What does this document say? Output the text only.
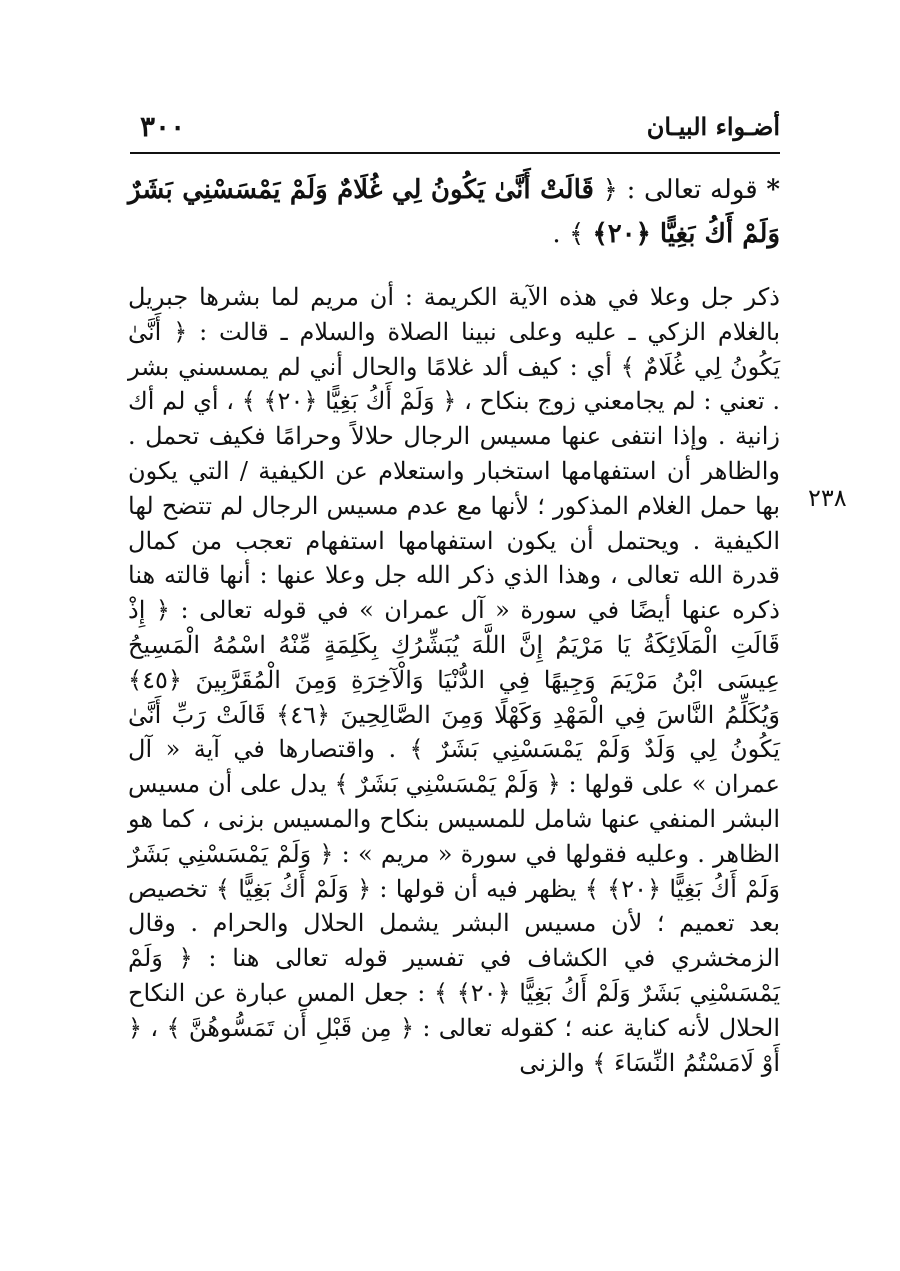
٣٠٠	أضـواء البيـان
٢٣٨

* قوله تعالى : ﴿ قَالَتْ أَنَّىٰ يَكُونُ لِي غُلَامٌ وَلَمْ يَمْسَسْنِي بَشَرٌ وَلَمْ أَكُ بَغِيًّا ﴿٢٠﴾ ﴾ .

ذكر جل وعلا في هذه الآية الكريمة : أن مريم لما بشرها جبريل بالغلام الزكي ـ عليه وعلى نبينا الصلاة والسلام ـ قالت : ﴿ أَنَّىٰ يَكُونُ لِي غُلَامٌ ﴾ أي : كيف ألد غلامًا والحال أني لم يمسسني بشر . تعني : لم يجامعني زوج بنكاح ، ﴿ وَلَمْ أَكُ بَغِيًّا ﴿٢٠﴾ ﴾ ، أي لم أك زانية . وإذا انتفى عنها مسيس الرجال حلالاً وحرامًا فكيف تحمل . والظاهر أن استفهامها استخبار واستعلام عن الكيفية / التي يكون بها حمل الغلام المذكور ؛ لأنها مع عدم مسيس الرجال لم تتضح لها الكيفية . ويحتمل أن يكون استفهامها استفهام تعجب من كمال قدرة الله تعالى ، وهذا الذي ذكر الله جل وعلا عنها : أنها قالته هنا ذكره عنها أيضًا في سورة « آل عمران » في قوله تعالى : ﴿ إِذْ قَالَتِ الْمَلَائِكَةُ يَا مَرْيَمُ إِنَّ اللَّهَ يُبَشِّرُكِ بِكَلِمَةٍ مِّنْهُ اسْمُهُ الْمَسِيحُ عِيسَى ابْنُ مَرْيَمَ وَجِيهًا فِي الدُّنْيَا وَالْآخِرَةِ وَمِنَ الْمُقَرَّبِينَ ﴿٤٥﴾ وَيُكَلِّمُ النَّاسَ فِي الْمَهْدِ وَكَهْلًا وَمِنَ الصَّالِحِينَ ﴿٤٦﴾ قَالَتْ رَبِّ أَنَّىٰ يَكُونُ لِي وَلَدٌ وَلَمْ يَمْسَسْنِي بَشَرٌ ﴾ . واقتصارها في آية « آل عمران » على قولها : ﴿ وَلَمْ يَمْسَسْنِي بَشَرٌ ﴾ يدل على أن مسيس البشر المنفي عنها شامل للمسيس بنكاح والمسيس بزنى ، كما هو الظاهر . وعليه فقولها في سورة « مريم » : ﴿ وَلَمْ يَمْسَسْنِي بَشَرٌ وَلَمْ أَكُ بَغِيًّا ﴿٢٠﴾ ﴾ يظهر فيه أن قولها : ﴿ وَلَمْ أَكُ بَغِيًّا ﴾ تخصيص بعد تعميم ؛ لأن مسيس البشر يشمل الحلال والحرام . وقال الزمخشري في الكشاف في تفسير قوله تعالى هنا : ﴿ وَلَمْ يَمْسَسْنِي بَشَرٌ وَلَمْ أَكُ بَغِيًّا ﴿٢٠﴾ ﴾ : جعل المس عبارة عن النكاح الحلال لأنه كناية عنه ؛ كقوله تعالى : ﴿ مِن قَبْلِ أَن تَمَسُّوهُنَّ ﴾ ، ﴿ أَوْ لَامَسْتُمُ النِّسَاءَ ﴾ والزنى
